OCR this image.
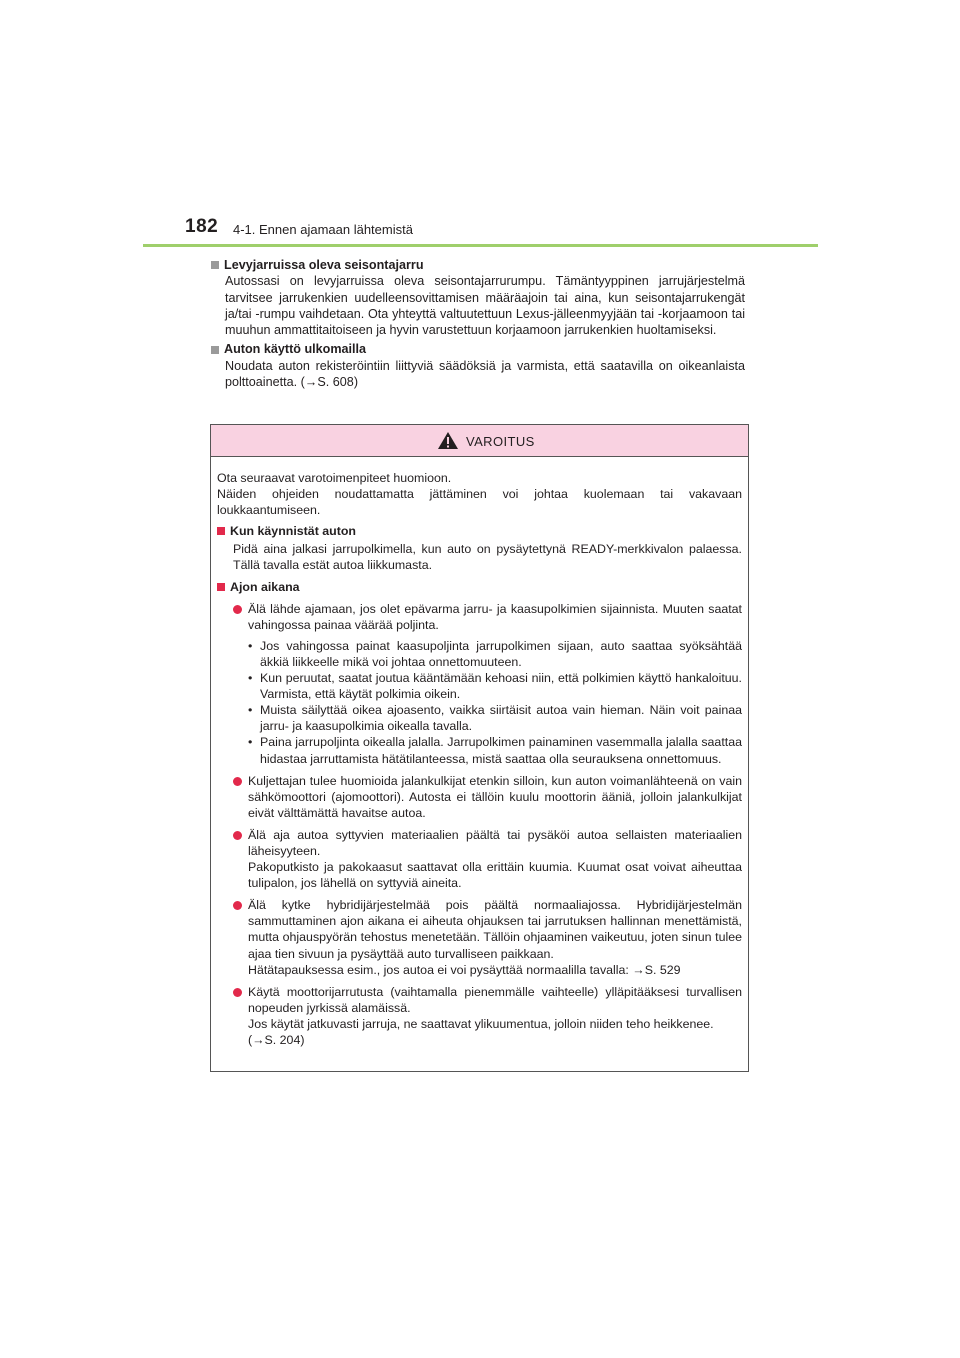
182 4-1. Ennen ajamaan lähtemistä
Levyjarruissa oleva seisontajarru
Autossasi on levyjarruissa oleva seisontajarrurumpu. Tämäntyyppinen jarrujärjestelmä tarvitsee jarrukenkien uudelleensovittamisen määräajoin tai aina, kun seisontajarrukengät ja/tai -rumpu vaihdetaan. Ota yhteyttä valtuutettuun Lexus-jälleenmyyjään tai -korjaamoon tai muuhun ammattitaitoiseen ja hyvin varustettuun korjaamoon jarrukenkien huoltamiseksi.
Auton käyttö ulkomailla
Noudata auton rekisteröintiin liittyviä säädöksiä ja varmista, että saatavilla on oikeanlaista polttoainetta. (→S. 608)
VAROITUS
Ota seuraavat varotoimenpiteet huomioon.
Näiden ohjeiden noudattamatta jättäminen voi johtaa kuolemaan tai vakavaan loukkaantumiseen.
Kun käynnistät auton
Pidä aina jalkasi jarrupolkimella, kun auto on pysäytettynä READY-merkkivalon palaessa. Tällä tavalla estät autoa liikkumasta.
Ajon aikana
Älä lähde ajamaan, jos olet epävarma jarru- ja kaasupolkimien sijainnista. Muuten saatat vahingossa painaa väärää poljinta.
• Jos vahingossa painat kaasupoljinta jarrupolkimen sijaan, auto saattaa syöksähtää äkkiä liikkeelle mikä voi johtaa onnettomuuteen.
• Kun peruutat, saatat joutua kääntämään kehoasi niin, että polkimien käyttö hankaloituu. Varmista, että käytät polkimia oikein.
• Muista säilyttää oikea ajoasento, vaikka siirtäisit autoa vain hieman. Näin voit painaa jarru- ja kaasupolkimia oikealla tavalla.
• Paina jarrupoljinta oikealla jalalla. Jarrupolkimen painaminen vasemmalla jalalla saattaa hidastaa jarruttamista hätätilanteessa, mistä saattaa olla seurauksena onnettomuus.
Kuljettajan tulee huomioida jalankulkijat etenkin silloin, kun auton voimanlähteenä on vain sähkömoottori (ajomoottori). Autosta ei tällöin kuulu moottorin ääniä, jolloin jalankulkijat eivät välttämättä havaitse autoa.
Älä aja autoa syttyvien materiaalien päältä tai pysäköi autoa sellaisten materiaalien läheisyyteen.
Pakoputkisto ja pakokaasut saattavat olla erittäin kuumia. Kuumat osat voivat aiheuttaa tulipalon, jos lähellä on syttyviä aineita.
Älä kytke hybridijärjestelmää pois päältä normaaliajossa. Hybridijärjestelmän sammuttaminen ajon aikana ei aiheuta ohjauksen tai jarrutuksen hallinnan menettämistä, mutta ohjauspyörän tehostus menetetään. Tällöin ohjaaminen vaikeutuu, joten sinun tulee ajaa tien sivuun ja pysäyttää auto turvalliseen paikkaan.
Hätätapauksessa esim., jos autoa ei voi pysäyttää normaalilla tavalla: →S. 529
Käytä moottorijarrutusta (vaihtamalla pienemmälle vaihteelle) ylläpitääksesi turvallisen nopeuden jyrkissä alamäissä.
Jos käytät jatkuvasti jarruja, ne saattavat ylikuumentua, jolloin niiden teho heikkenee.
(→S. 204)
